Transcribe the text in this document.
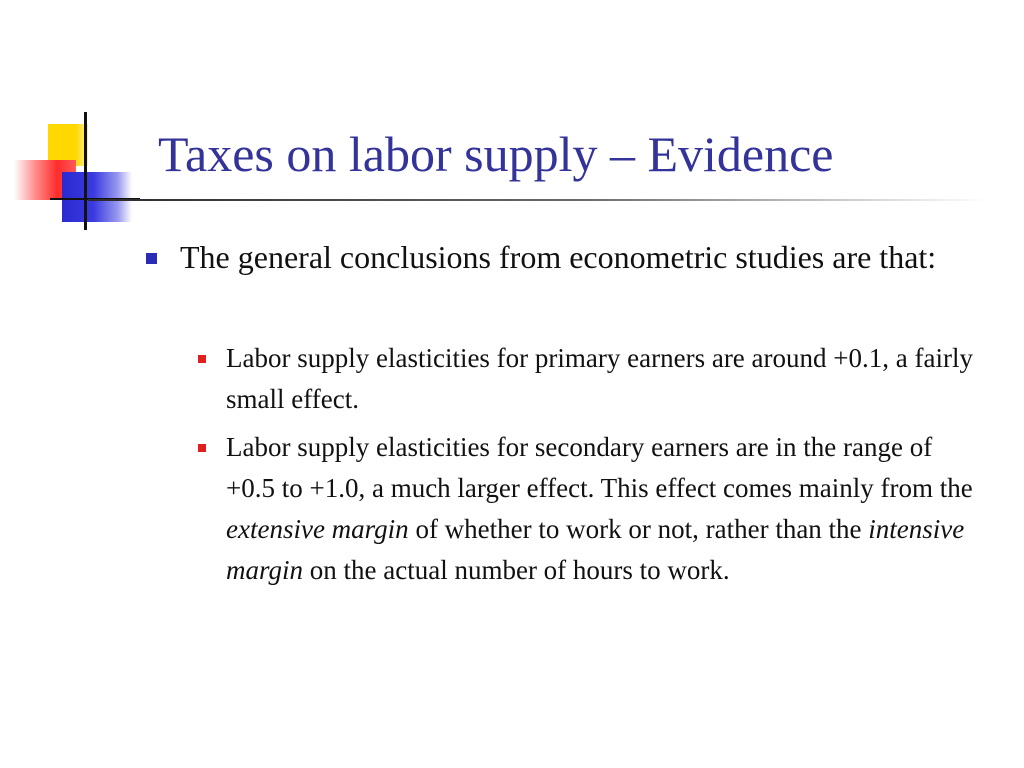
Taxes on labor supply – Evidence
The general conclusions from econometric studies are that:
Labor supply elasticities for primary earners are around +0.1, a fairly small effect.
Labor supply elasticities for secondary earners are in the range of +0.5 to +1.0, a much larger effect. This effect comes mainly from the extensive margin of whether to work or not, rather than the intensive margin on the actual number of hours to work.
